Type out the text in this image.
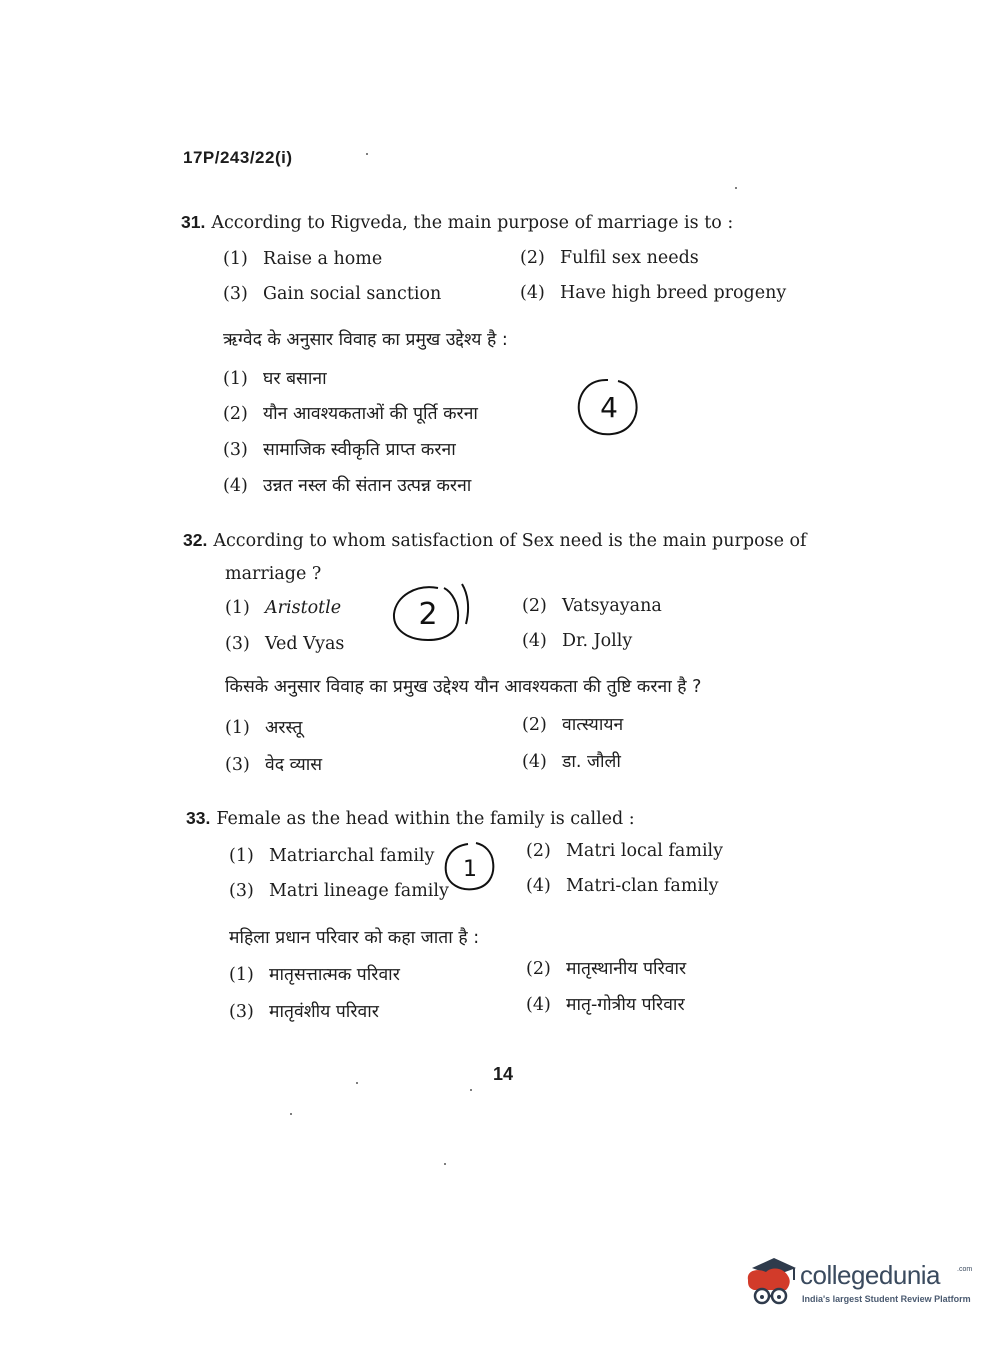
17P/243/22(i)
31. According to Rigveda, the main purpose of marriage is to :
(1) Raise a home	(2) Fulfil sex needs
(3) Gain social sanction	(4) Have high breed progeny
ऋग्वेद के अनुसार विवाह का प्रमुख उद्देश्य है :
(1) घर बसाना
(2) यौन आवश्यकताओं की पूर्ति करना
(3) सामाजिक स्वीकृति प्राप्त करना
(4) उन्नत नस्ल की संतान उत्पन्न करना
4
32. According to whom satisfaction of Sex need is the main purpose of
marriage ?
(1) Aristotle	(2) Vatsyayana
(3) Ved Vyas	(4) Dr. Jolly
किसके अनुसार विवाह का प्रमुख उद्देश्य यौन आवश्यकता की तुष्टि करना है ?
(1) अरस्तू	(2) वात्स्यायन
(3) वेद व्यास	(4) डा. जौली
2
33. Female as the head within the family is called :
(1) Matriarchal family	(2) Matri local family
(3) Matri lineage family	(4) Matri-clan family
महिला प्रधान परिवार को कहा जाता है :
(1) मातृसत्तात्मक परिवार	(2) मातृस्थानीय परिवार
(3) मातृवंशीय परिवार	(4) मातृ-गोत्रीय परिवार
1
14
collegedunia .com
India's largest Student Review Platform
